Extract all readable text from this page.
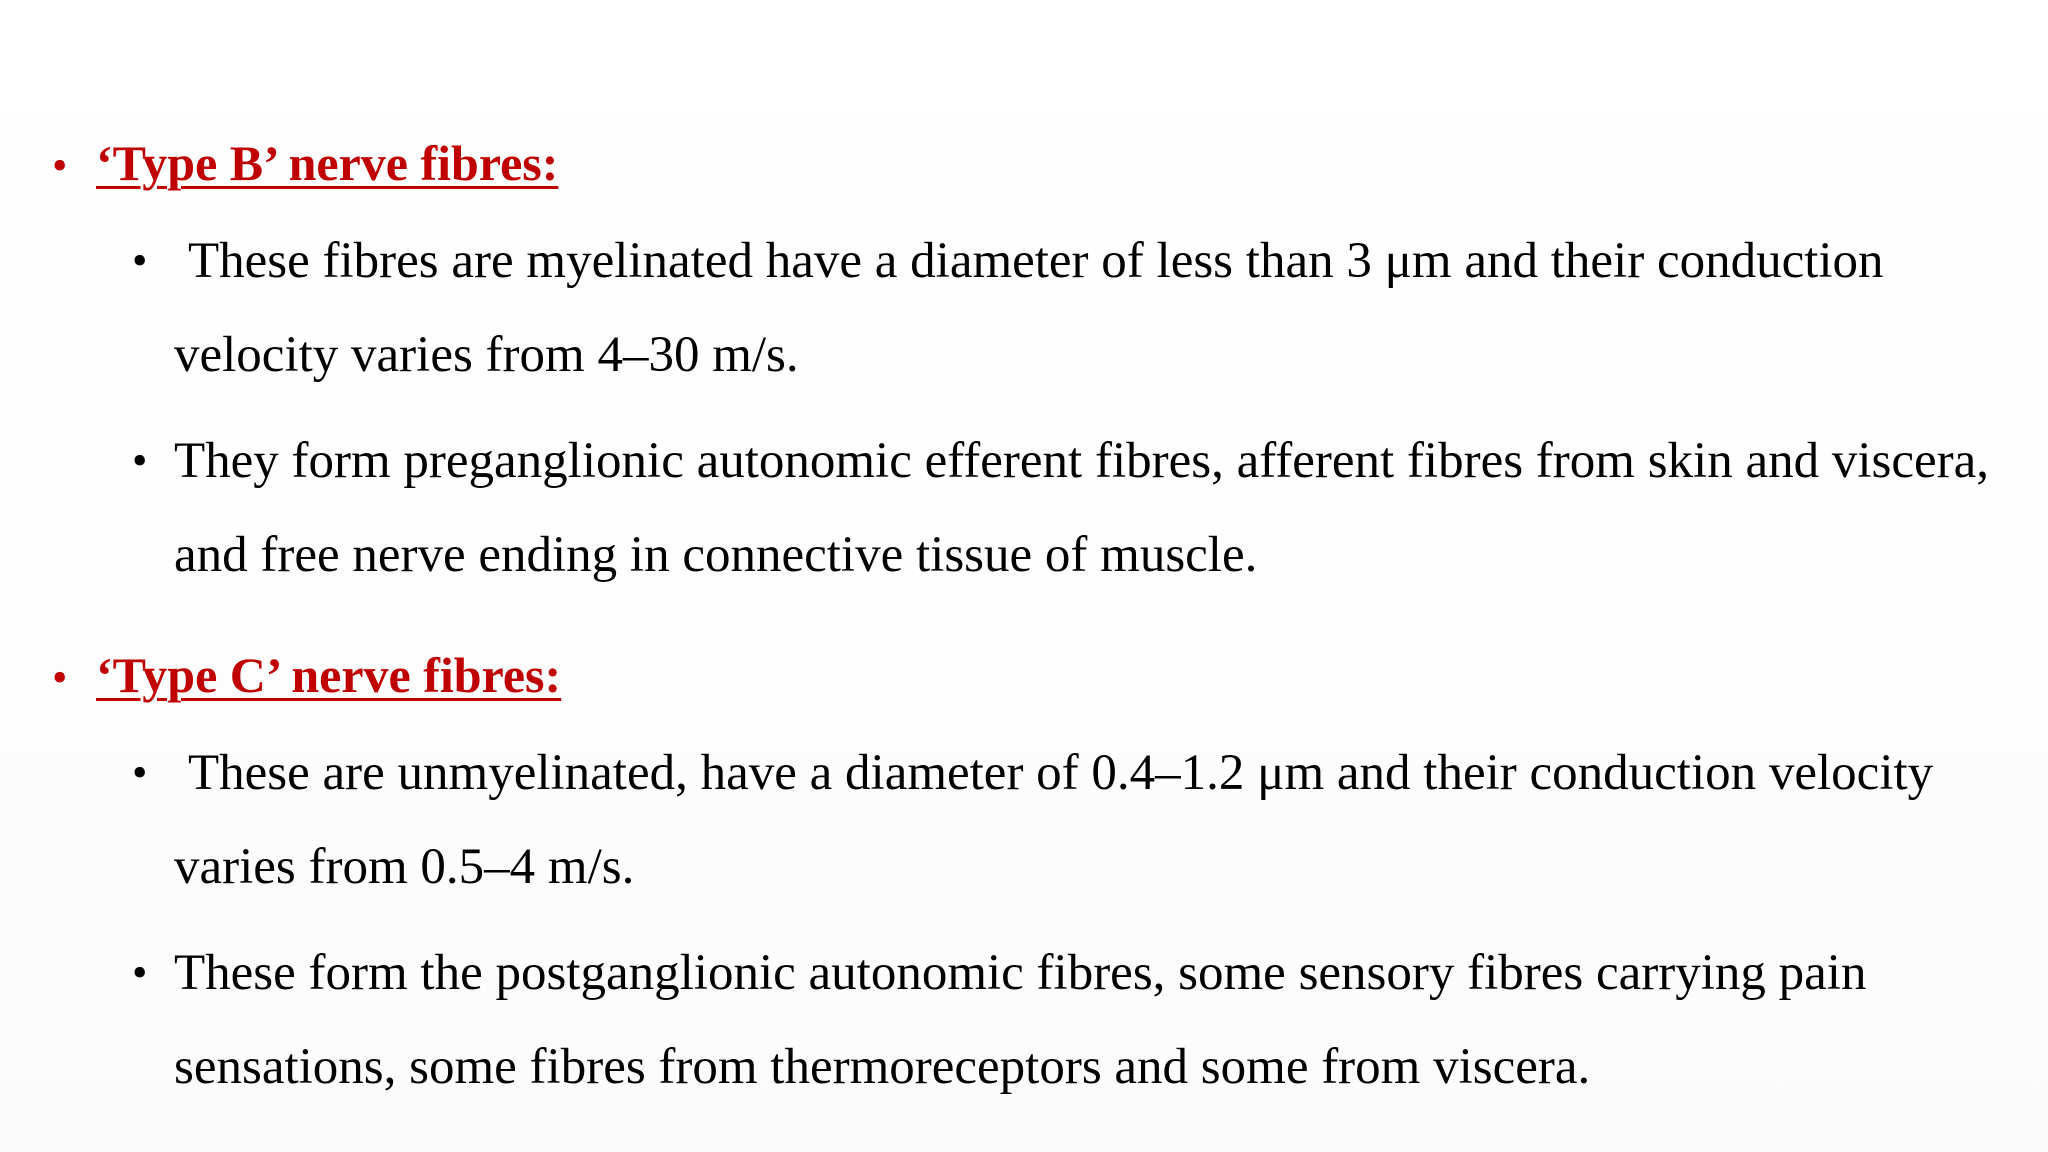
• ‘Type B’ nerve fibres:
• These fibres are myelinated have a diameter of less than 3 μm and their conduction velocity varies from 4–30 m/s.
• They form preganglionic autonomic efferent fibres, afferent fibres from skin and viscera, and free nerve ending in connective tissue of muscle.
• ‘Type C’ nerve fibres:
• These are unmyelinated, have a diameter of 0.4–1.2 μm and their conduction velocity varies from 0.5–4 m/s.
• These form the postganglionic autonomic fibres, some sensory fibres carrying pain sensations, some fibres from thermoreceptors and some from viscera.
